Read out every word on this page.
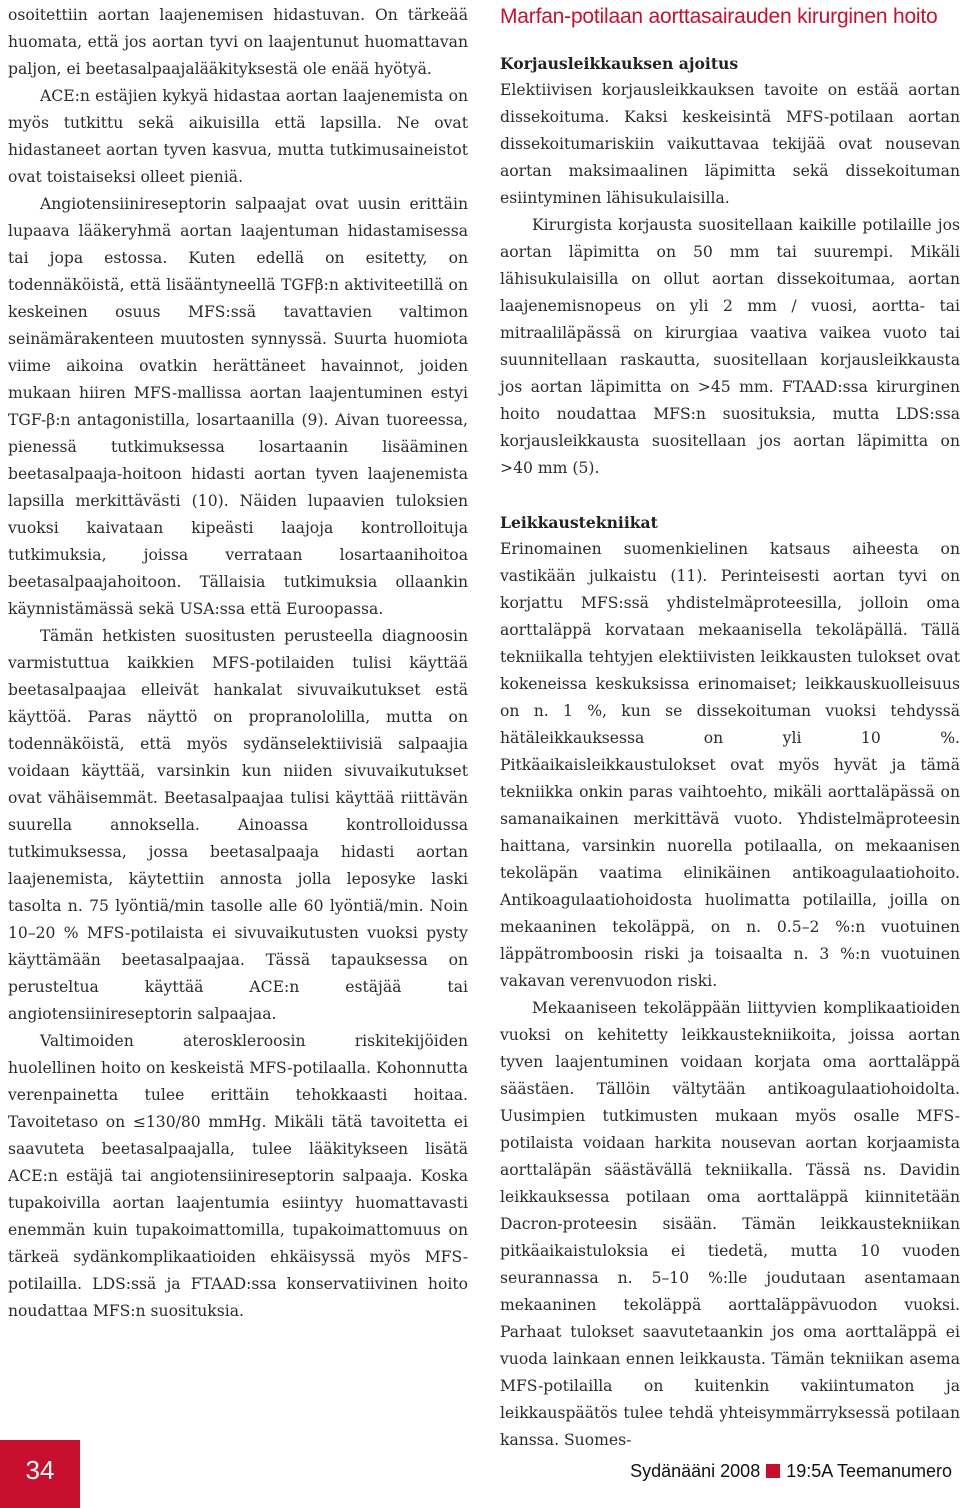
osoitettiin aortan laajenemisen hidastuvan. On tärkeää huomata, että jos aortan tyvi on laajentunut huomattavan paljon, ei beetasalpaajalääkityksestä ole enää hyötyä.

ACE:n estäjien kykyä hidastaa aortan laajenemista on myös tutkittu sekä aikuisilla että lapsilla. Ne ovat hidastaneet aortan tyven kasvua, mutta tutkimusaineistot ovat toistaiseksi olleet pieniä.

Angiotensiinireseptorin salpaajat ovat uusin erittäin lupaava lääkeryhmä aortan laajentuman hidastamisessa tai jopa estossa. Kuten edellä on esitetty, on todennäköistä, että lisääntyneellä TGFβ:n aktiviteetillä on keskeinen osuus MFS:ssä tavattavien valtimon seinämärakenteen muutosten synnyssä. Suurta huomiota viime aikoina ovatkin herättäneet havainnot, joiden mukaan hiiren MFS-mallissa aortan laajentuminen estyi TGF-β:n antagonistilla, losartaanilla (9). Aivan tuoreessa, pienessä tutkimuksessa losartaanin lisääminen beetasalpaaja-hoitoon hidasti aortan tyven laajenemista lapsilla merkittävästi (10). Näiden lupaavien tuloksien vuoksi kaivataan kipeästi laajoja kontrolloituja tutkimuksia, joissa verrataan losartaanihoitoa beetasalpaajahoitoon. Tällaisia tutkimuksia ollaankin käynnistämässä sekä USA:ssa että Euroopassa.

Tämän hetkisten suositusten perusteella diagnoosin varmistuttua kaikkien MFS-potilaiden tulisi käyttää beetasalpaajaa elleivät hankalat sivuvaikutukset estä käyttöä. Paras näyttö on propranololilla, mutta on todennäköistä, että myös sydänselektiivisiä salpaajia voidaan käyttää, varsinkin kun niiden sivuvaikutukset ovat vähäisemmät. Beetasalpaajaa tulisi käyttää riittävän suurella annoksella. Ainoassa kontrolloidussa tutkimuksessa, jossa beetasalpaaja hidasti aortan laajenemista, käytettiin annosta jolla leposyke laski tasolta n. 75 lyöntiä/min tasolle alle 60 lyöntiä/min. Noin 10–20 % MFS-potilaista ei sivuvaikutusten vuoksi pysty käyttämään beetasalpaajaa. Tässä tapauksessa on perusteltua käyttää ACE:n estäjää tai angiotensiinireseptorin salpaajaa.

Valtimoiden ateroskleroosin riskitekijöiden huolellinen hoito on keskeistä MFS-potilaalla. Kohonnutta verenpainetta tulee erittäin tehokkaasti hoitaa. Tavoitetaso on ≤130/80 mmHg. Mikäli tätä tavoitetta ei saavuteta beetasalpaajalla, tulee lääkitykseen lisätä ACE:n estäjä tai angiotensiinireseptorin salpaaja. Koska tupakoivilla aortan laajentumia esiintyy huomattavasti enemmän kuin tupakoimattomilla, tupakoimattomuus on tärkeä sydänkomplikaatioiden ehkäisyssä myös MFS-potilailla. LDS:ssä ja FTAAD:ssa konservatiivinen hoito noudattaa MFS:n suosituksia.

Marfan-potilaan aorttasairauden kirurginen hoito

Korjausleikkauksen ajoitus

Elektiivisen korjausleikkauksen tavoite on estää aortan dissekoituma. Kaksi keskeisintä MFS-potilaan aortan dissekoitumariskiin vaikuttavaa tekijää ovat nousevan aortan maksimaalinen läpimitta sekä dissekoituman esiintyminen lähisukulaisilla.

Kirurgista korjausta suositellaan kaikille potilaille jos aortan läpimitta on 50 mm tai suurempi. Mikäli lähisukulaisilla on ollut aortan dissekoitumaa, aortan laajenemisnopeus on yli 2 mm / vuosi, aortta- tai mitraaliläpässä on kirurgiaa vaativa vaikea vuoto tai suunnitellaan raskautta, suositellaan korjausleikkausta jos aortan läpimitta on >45 mm. FTAAD:ssa kirurginen hoito noudattaa MFS:n suosituksia, mutta LDS:ssa korjausleikkausta suositellaan jos aortan läpimitta on >40 mm (5).

Leikkaustekniikat

Erinomainen suomenkielinen katsaus aiheesta on vastikään julkaistu (11). Perinteisesti aortan tyvi on korjattu MFS:ssä yhdistelmäproteesilla, jolloin oma aorttaläppä korvataan mekaanisella tekoläpällä. Tällä tekniikalla tehtyjen elektiivisten leikkausten tulokset ovat kokeneissa keskuksissa erinomaiset; leikkauskuolleisuus on n. 1 %, kun se dissekoituman vuoksi tehdyssä hätäleikkauksessa on yli 10 %. Pitkäaikaisleikkaustulokset ovat myös hyvät ja tämä tekniikka onkin paras vaihtoehto, mikäli aorttaläpässä on samanaikainen merkittävä vuoto. Yhdistelmäproteesin haittana, varsinkin nuorella potilaalla, on mekaanisen tekoläpän vaatima elinikäinen antikoagulaatiohoito. Antikoagulaatiohoidosta huolimatta potilailla, joilla on mekaaninen tekoläppä, on n. 0.5–2 %:n vuotuinen läppätromboosin riski ja toisaalta n. 3 %:n vuotuinen vakavan verenvuodon riski.

Mekaaniseen tekoläppään liittyvien komplikaatioiden vuoksi on kehitetty leikkaustekniikoita, joissa aortan tyven laajentuminen voidaan korjata oma aorttaläppä säästäen. Tällöin vältytään antikoagulaatiohoidolta. Uusimpien tutkimusten mukaan myös osalle MFS-potilaista voidaan harkita nousevan aortan korjaamista aorttaläpän säästävällä tekniikalla. Tässä ns. Davidin leikkauksessa potilaan oma aorttaläppä kiinnitetään Dacron-proteesin sisään. Tämän leikkaustekniikan pitkäaikaistuloksia ei tiedetä, mutta 10 vuoden seurannassa n. 5–10 %:lle joudutaan asentamaan mekaaninen tekoläppä aorttaläppävuodon vuoksi. Parhaat tulokset saavutetaankin jos oma aorttaläppä ei vuoda lainkaan ennen leikkausta. Tämän tekniikan asema MFS-potilailla on kuitenkin vakiintumaton ja leikkauspäätös tulee tehdä yhteisymmärryksessä potilaan kanssa. Suomes-

34	Sydänääni 2008 19:5A Teemanumero
